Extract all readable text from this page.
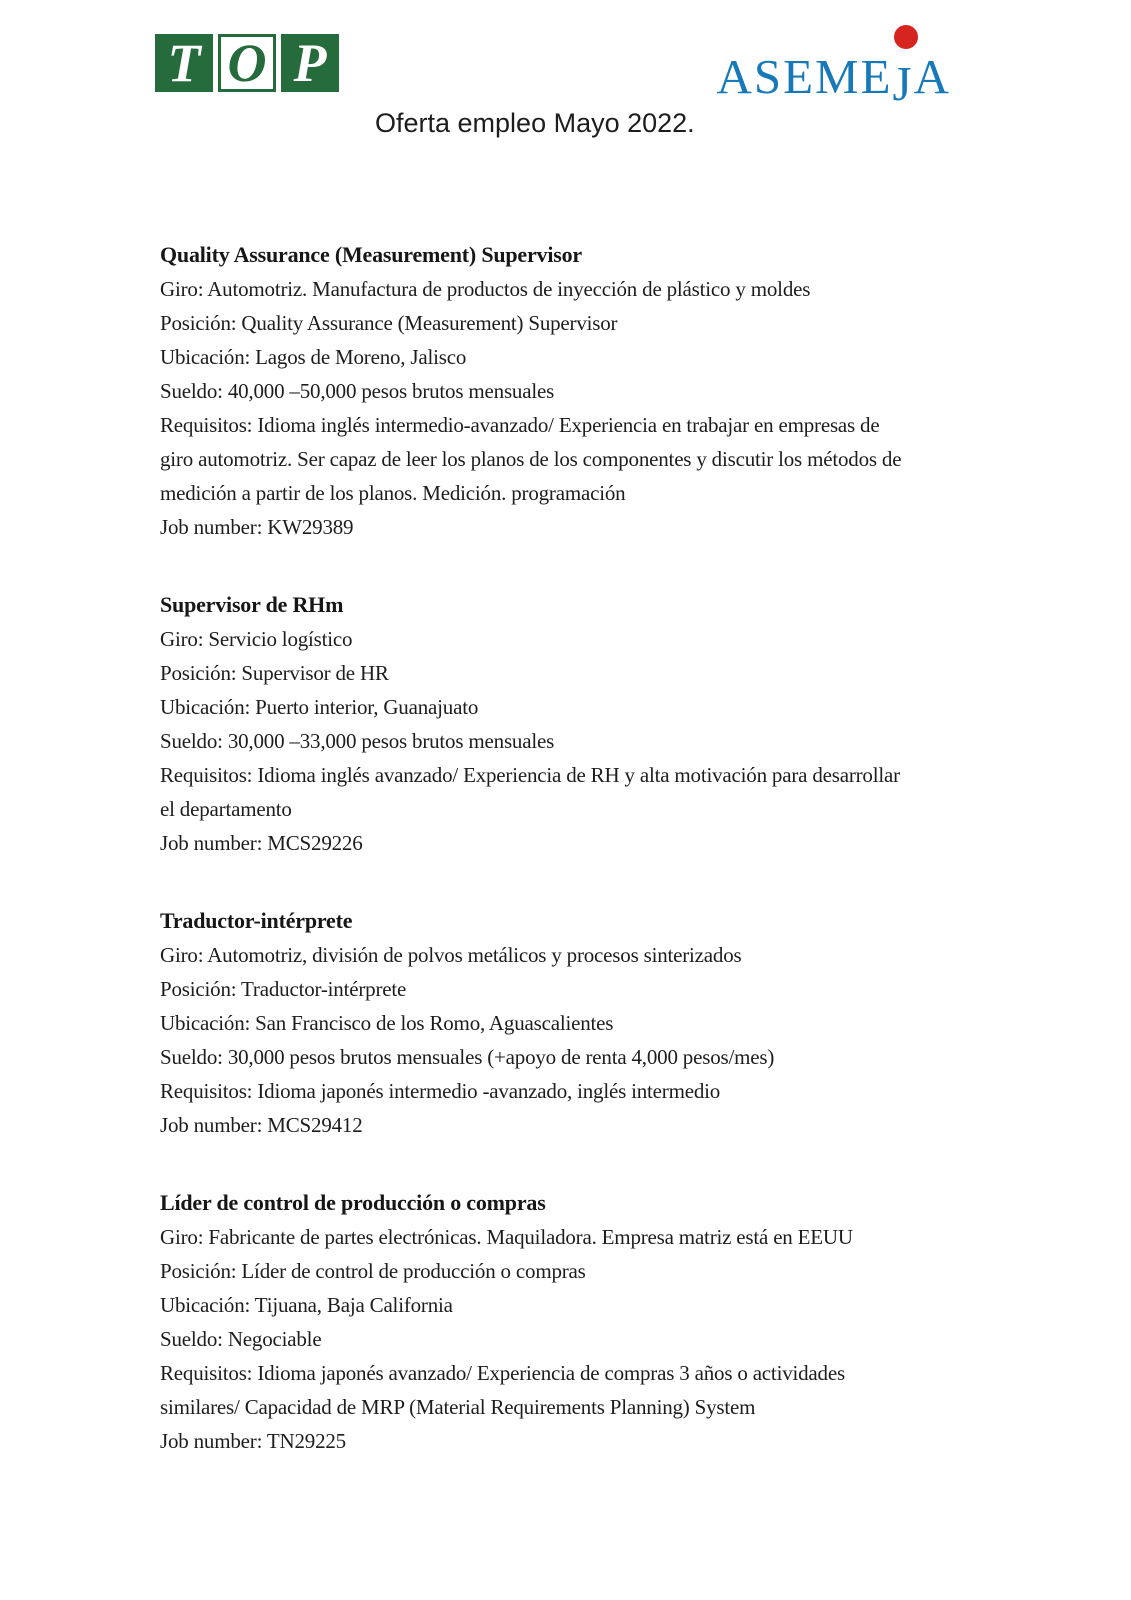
T O P	ASEMEJ
A
Oferta empleo Mayo 2022.
Quality Assurance (Measurement) Supervisor

Giro: Automotriz. Manufactura de productos de inyección de plástico y moldes

Posición: Quality Assurance (Measurement) Supervisor

Ubicación: Lagos de Moreno, Jalisco

Sueldo: 40,000 –50,000 pesos brutos mensuales

Requisitos: Idioma inglés intermedio-avanzado/ Experiencia en trabajar en empresas de

giro automotriz. Ser capaz de leer los planos de los componentes y discutir los métodos de

medición a partir de los planos. Medición. programación

Job number: KW29389

Supervisor de RHm

Giro: Servicio logístico

Posición: Supervisor de HR

Ubicación: Puerto interior, Guanajuato

Sueldo: 30,000 –33,000 pesos brutos mensuales

Requisitos: Idioma inglés avanzado/ Experiencia de RH y alta motivación para desarrollar

el departamento

Job number: MCS29226

Traductor-intérprete

Giro: Automotriz, división de polvos metálicos y procesos sinterizados

Posición: Traductor-intérprete

Ubicación: San Francisco de los Romo, Aguascalientes

Sueldo: 30,000 pesos brutos mensuales (+apoyo de renta 4,000 pesos/mes)

Requisitos: Idioma japonés intermedio -avanzado, inglés intermedio

Job number: MCS29412

Líder de control de producción o compras

Giro: Fabricante de partes electrónicas. Maquiladora. Empresa matriz está en EEUU

Posición: Líder de control de producción o compras

Ubicación: Tijuana, Baja California

Sueldo: Negociable

Requisitos: Idioma japonés avanzado/ Experiencia de compras 3 años o actividades

similares/ Capacidad de MRP (Material Requirements Planning) System

Job number: TN29225
